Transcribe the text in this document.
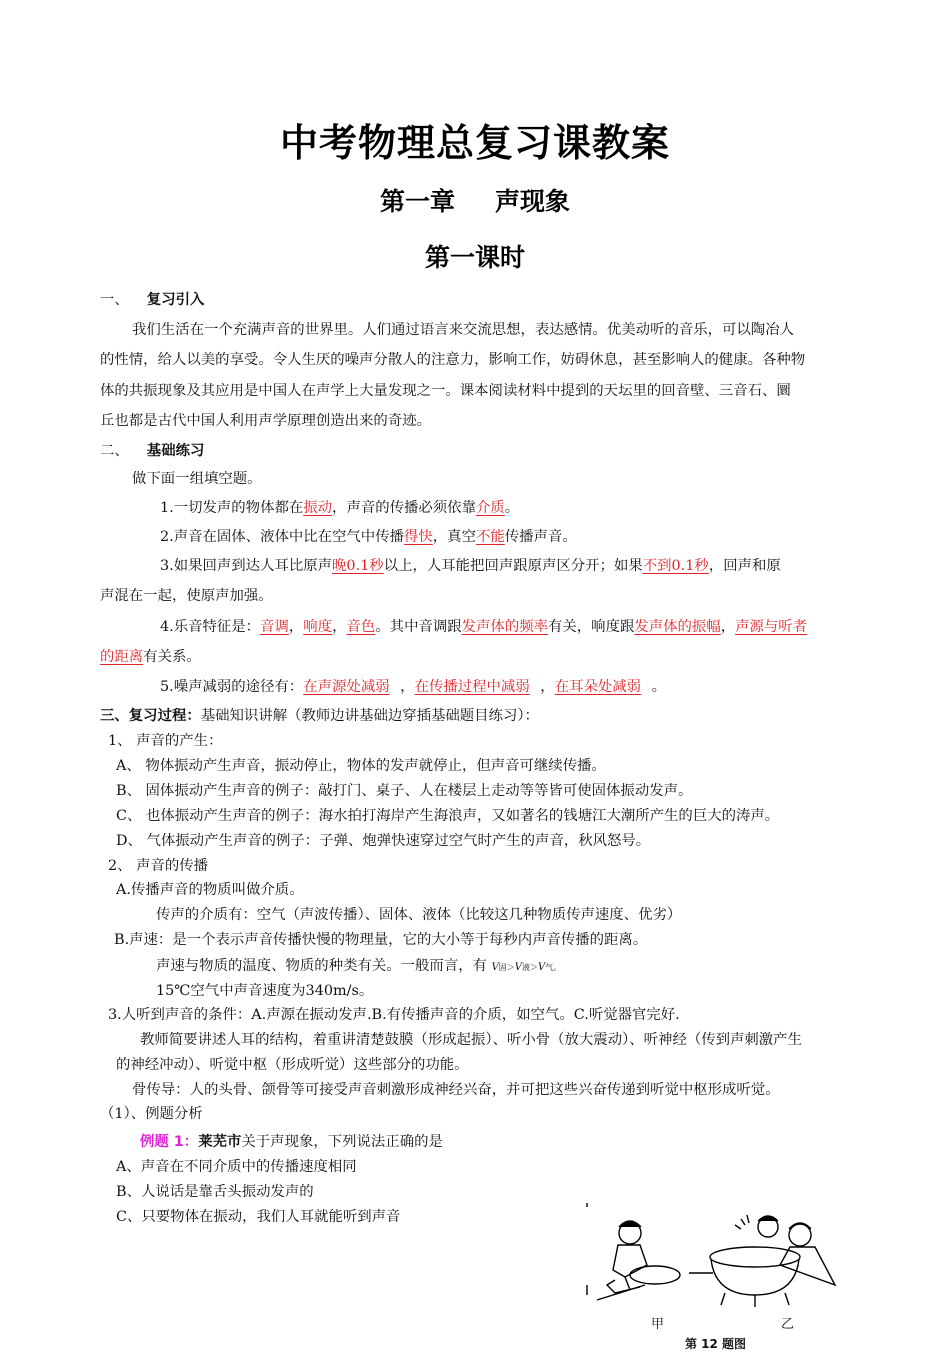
中考物理总复习课教案
第一章 声现象
第一课时
一、 复习引入
我们生活在一个充满声音的世界里。人们通过语言来交流思想，表达感情。优美动听的音乐，可以陶冶人
的性情，给人以美的享受。令人生厌的噪声分散人的注意力，影响工作，妨碍休息，甚至影响人的健康。各种物
体的共振现象及其应用是中国人在声学上大量发现之一。课本阅读材料中提到的天坛里的回音壁、三音石、圜
丘也都是古代中国人利用声学原理创造出来的奇迹。
二、 基础练习
做下面一组填空题。
1.一切发声的物体都在振动，声音的传播必须依靠介质。
2.声音在固体、液体中比在空气中传播得快，真空不能传播声音。
3.如果回声到达人耳比原声晚0.1秒以上，人耳能把回声跟原声区分开；如果不到0.1秒，回声和原
声混在一起，使原声加强。
4.乐音特征是：音调，响度，音色。其中音调跟发声体的频率有关，响度跟发声体的振幅，声源与听者
的距离有关系。
5.噪声减弱的途径有：在声源处减弱 ，在传播过程中减弱 ，在耳朵处减弱 。
三、复习过程：基础知识讲解（教师边讲基础边穿插基础题目练习）：
1、 声音的产生：
A、 物体振动产生声音，振动停止，物体的发声就停止，但声音可继续传播。
B、 固体振动产生声音的例子：敲打门、桌子、人在楼层上走动等等皆可使固体振动发声。
C、 也体振动产生声音的例子：海水拍打海岸产生海浪声，又如著名的钱塘江大潮所产生的巨大的涛声。
D、 气体振动产生声音的例子：子弹、炮弹快速穿过空气时产生的声音，秋风怒号。
2、 声音的传播
A.传播声音的物质叫做介质。
传声的介质有：空气（声波传播）、固体、液体（比较这几种物质传声速度、优劣）
B.声速：是一个表示声音传播快慢的物理量，它的大小等于每秒内声音传播的距离。
声速与物质的温度、物质的种类有关。一般而言，有 V固＞V液＞V气。
15℃空气中声音速度为340m/s。
3.人听到声音的条件：A.声源在振动发声.B.有传播声音的介质，如空气。C.听觉器官完好.
教师简要讲述人耳的结构，着重讲清楚鼓膜（形成起振）、听小骨（放大震动）、听神经（传到声刺激产生
的神经冲动）、听觉中枢（形成听觉）这些部分的功能。
骨传导：人的头骨、颌骨等可接受声音刺激形成神经兴奋，并可把这些兴奋传递到听觉中枢形成听觉。
（1）、例题分析
例题 1：莱芜市关于声现象，下列说法正确的是
A、声音在不同介质中的传播速度相同
B、人说话是靠舌头振动发声的
C、只要物体在振动，我们人耳就能听到声音
甲	乙
第 12 题图
